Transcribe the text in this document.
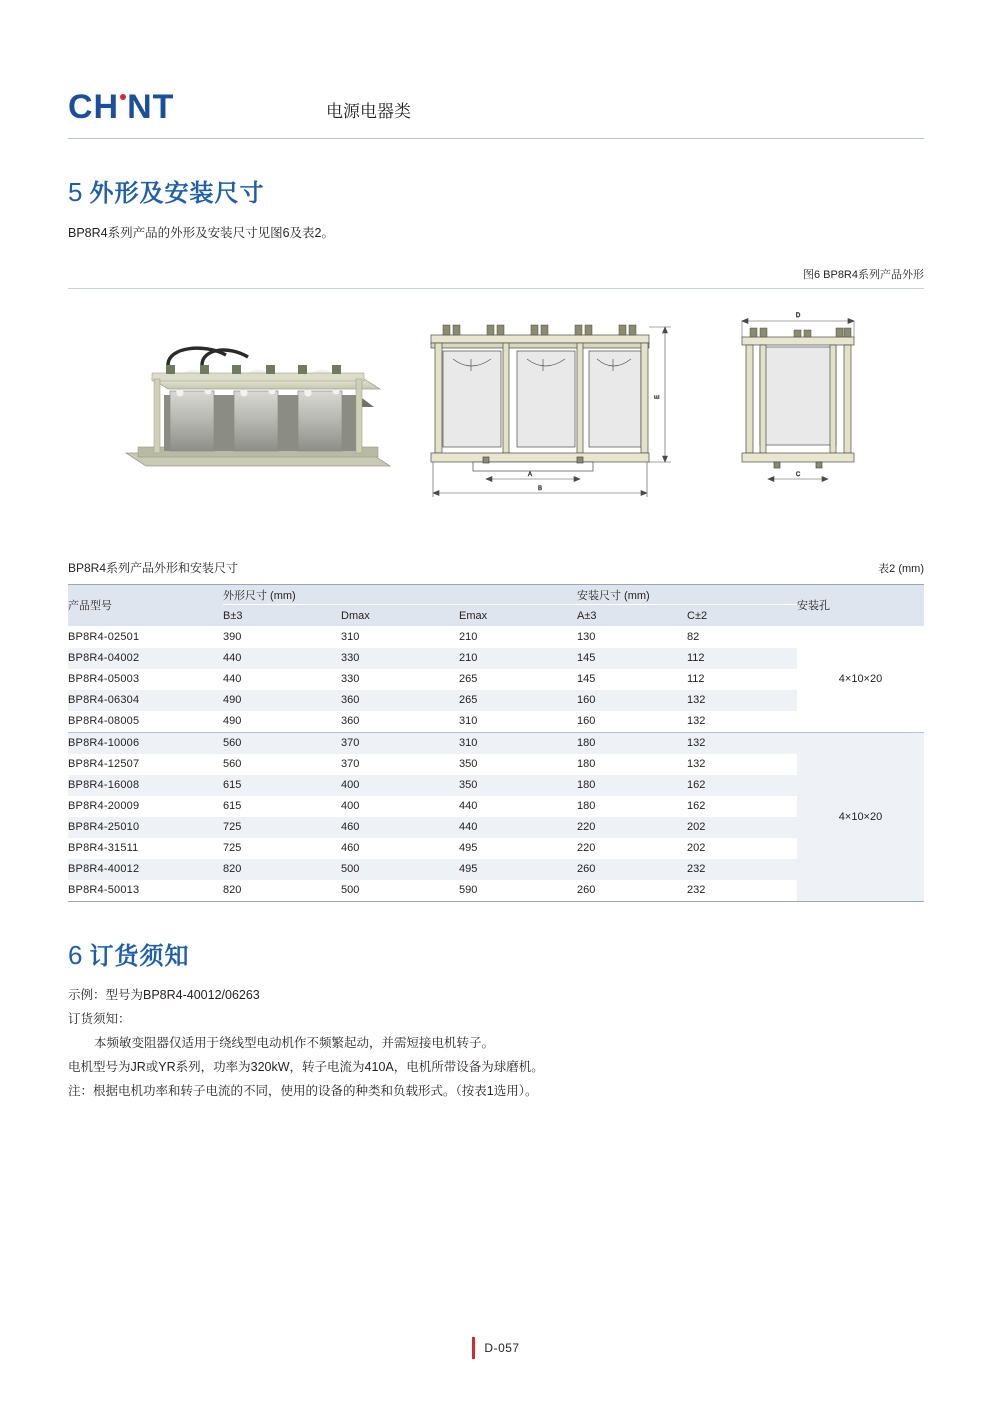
CH NT	电源电器类
5 外形及安装尺寸
BP8R4系列产品的外形及安装尺寸见图6及表2。
图6 BP8R4系列产品外形
E
A
B
D
C
BP8R4系列产品外形和安装尺寸	表2 (mm)
产品型号	外形尺寸 (mm)			安装尺寸 (mm)		安装孔
	B±3	Dmax	Emax	A±3	C±2	
BP8R4-02501	390	310	210	130	82	4×10×20
BP8R4-04002	440	330	210	145	112	
BP8R4-05003	440	330	265	145	112	
BP8R4-06304	490	360	265	160	132	
BP8R4-08005	490	360	310	160	132	
BP8R4-10006	560	370	310	180	132	4×10×20
BP8R4-12507	560	370	350	180	132	
BP8R4-16008	615	400	350	180	162	
BP8R4-20009	615	400	440	180	162	
BP8R4-25010	725	460	440	220	202	
BP8R4-31511	725	460	495	220	202	
BP8R4-40012	820	500	495	260	232	
BP8R4-50013	820	500	590	260	232	
6 订货须知
示例：型号为BP8R4-40012/06263
订货须知：
本频敏变阻器仅适用于绕线型电动机作不频繁起动，并需短接电机转子。
电机型号为JR或YR系列，功率为320kW，转子电流为410A，电机所带设备为球磨机。
注：根据电机功率和转子电流的不同，使用的设备的种类和负载形式。（按表1选用）。
D-057
